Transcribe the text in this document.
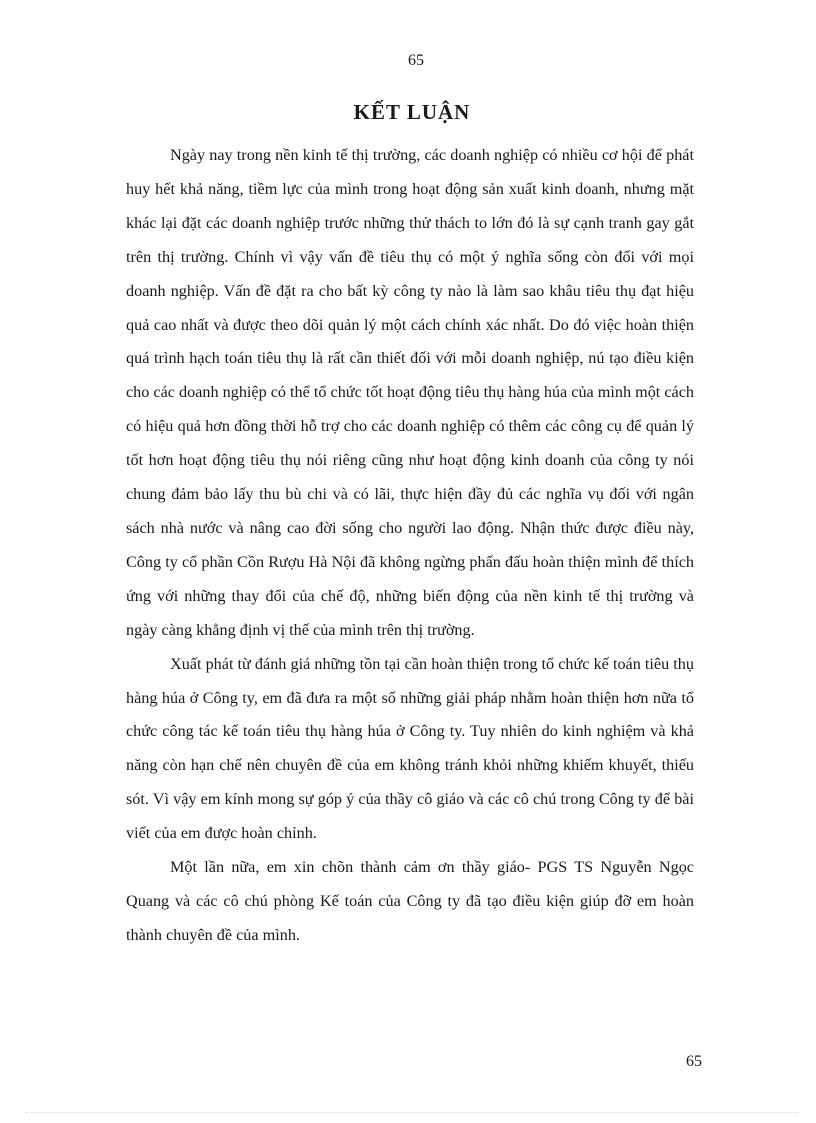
65
KẾT LUẬN

Ngày nay trong nền kinh tế thị trường, các doanh nghiệp có nhiều cơ hội để phát huy hết khả năng, tiềm lực của mình trong hoạt động sản xuất kinh doanh, nhưng mặt khác lại đặt các doanh nghiệp trước những thử thách to lớn đó là sự cạnh tranh gay gắt trên thị trường. Chính vì vậy vấn đề tiêu thụ có một ý nghĩa sống còn đối với mọi doanh nghiệp. Vấn đề đặt ra cho bất kỳ công ty nào là làm sao khâu tiêu thụ đạt hiệu quả cao nhất và được theo dõi quản lý một cách chính xác nhất. Do đó việc hoàn thiện quá trình hạch toán tiêu thụ là rất cần thiết đối với mỗi doanh nghiệp, nú tạo điều kiện cho các doanh nghiệp có thể tổ chức tốt hoạt động tiêu thụ hàng húa của mình một cách có hiệu quả hơn đồng thời hỗ trợ cho các doanh nghiệp có thêm các công cụ để quản lý tốt hơn hoạt động tiêu thụ nói riêng cũng như hoạt động kinh doanh của công ty nói chung đảm bảo lấy thu bù chi và có lãi, thực hiện đầy đủ các nghĩa vụ đối với ngân sách nhà nước và nâng cao đời sống cho người lao động. Nhận thức được điều này, Công ty cổ phần Cồn Rượu Hà Nội đã không ngừng phấn đấu hoàn thiện mình để thích ứng với những thay đổi của chế độ, những biến động của nền kinh tế thị trường và ngày càng khẳng định vị thế của mình trên thị trường.

Xuất phát từ đánh giá những tồn tại cần hoàn thiện trong tổ chức kế toán tiêu thụ hàng húa ở Công ty, em đã đưa ra một số những giải pháp nhằm hoàn thiện hơn nữa tổ chức công tác kế toán tiêu thụ hàng húa ở Công ty. Tuy nhiên do kinh nghiệm và khả năng còn hạn chế nên chuyên đề của em không tránh khỏi những khiếm khuyết, thiếu sót. Vì vậy em kính mong sự góp ý của thầy cô giáo và các cô chú trong Công ty để bài viết của em được hoàn chỉnh.

Một lần nữa, em xin chõn thành cảm ơn thầy giáo- PGS TS Nguyễn Ngọc Quang và các cô chú phòng Kế toán của Công ty đã tạo điều kiện giúp đỡ em hoàn thành chuyên đề của mình.

65
